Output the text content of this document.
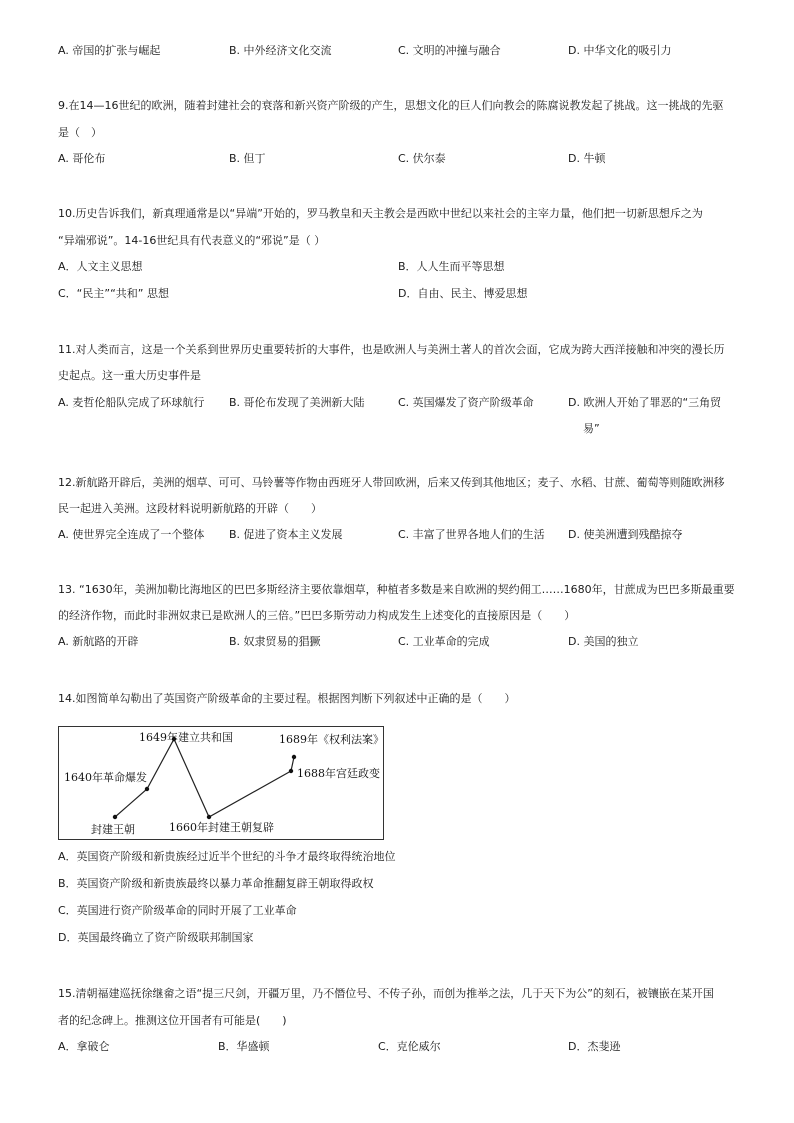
A. 帝国的扩张与崛起	B. 中外经济文化交流	C. 文明的冲撞与融合	D. 中华文化的吸引力
9.在14—16世纪的欧洲，随着封建社会的衰落和新兴资产阶级的产生，思想文化的巨人们向教会的陈腐说教发起了挑战。这一挑战的先驱
是（　）
A. 哥伦布	B. 但丁	C. 伏尔泰	D. 牛顿
10.历史告诉我们，新真理通常是以“异端”开始的，罗马教皇和天主教会是西欧中世纪以来社会的主宰力量，他们把一切新思想斥之为
“异端邪说”。14-16世纪具有代表意义的“邪说”是（ ）
A．人文主义思想	B．人人生而平等思想
C．“民主”“共和” 思想	D．自由、民主、博爱思想
11.对人类而言，这是一个关系到世界历史重要转折的大事件，也是欧洲人与美洲土著人的首次会面，它成为跨大西洋接触和冲突的漫长历
史起点。这一重大历史事件是
A. 麦哲伦船队完成了环球航行 B. 哥伦布发现了美洲新大陆	C. 英国爆发了资产阶级革命	D. 欧洲人开始了罪恶的“三角贸
易”
12.新航路开辟后，美洲的烟草、可可、马铃薯等作物由西班牙人带回欧洲，后来又传到其他地区；麦子、水稻、甘蔗、葡萄等则随欧洲移
民一起进入美洲。这段材料说明新航路的开辟（　　）
A. 使世界完全连成了一个整体 B. 促进了资本主义发展	C. 丰富了世界各地人们的生活 D. 使美洲遭到残酷掠夺
13. “1630年，美洲加勒比海地区的巴巴多斯经济主要依靠烟草，种植者多数是来自欧洲的契约佣工……1680年，甘蔗成为巴巴多斯最重要
的经济作物，而此时非洲奴隶已是欧洲人的三倍。”巴巴多斯劳动力构成发生上述变化的直接原因是（　　）
A. 新航路的开辟	B. 奴隶贸易的猖獗	C. 工业革命的完成	D. 美国的独立
14.如图简单勾勒出了英国资产阶级革命的主要过程。根据图判断下列叙述中正确的是（　　）
1649年建立共和国	1689年《权利法案》
1640年革命爆发	1688年宫廷政变
封建王朝	1660年封建王朝复辟
A．英国资产阶级和新贵族经过近半个世纪的斗争才最终取得统治地位
B．英国资产阶级和新贵族最终以暴力革命推翻复辟王朝取得政权
C．英国进行资产阶级革命的同时开展了工业革命
D．英国最终确立了资产阶级联邦制国家
15.清朝福建巡抚徐继畲之语“提三尺剑，开疆万里，乃不僭位号、不传子孙，而创为推举之法，几于天下为公”的刻石，被镶嵌在某开国
者的纪念碑上。推测这位开国者有可能是(　　)
A．拿破仑	B．华盛顿	C．克伦威尔	D．杰斐逊
